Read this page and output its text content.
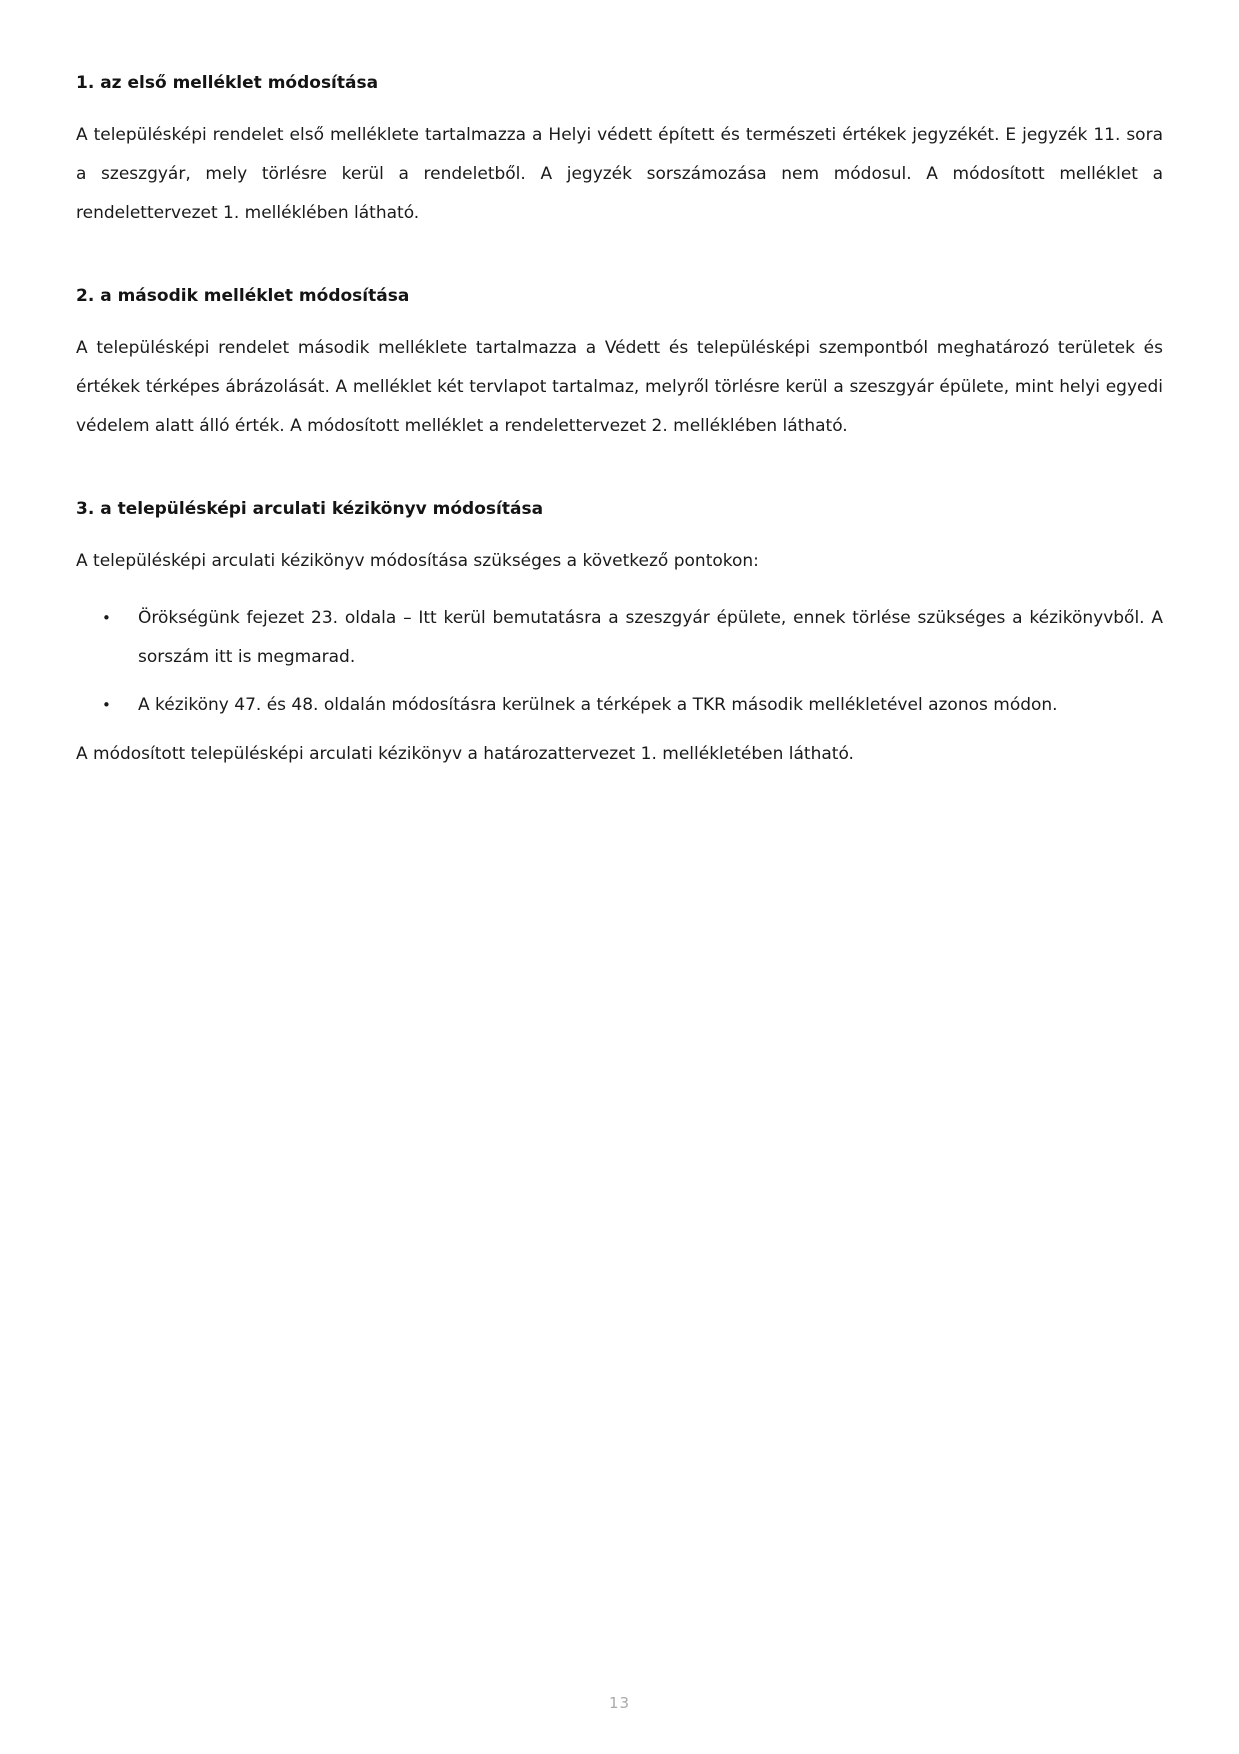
1. az első melléklet módosítása

A településképi rendelet első melléklete tartalmazza a Helyi védett épített és természeti értékek jegyzékét. E jegyzék 11. sora a szeszgyár, mely törlésre kerül a rendeletből. A jegyzék sorszámozása nem módosul. A módosított melléklet a rendelettervezet 1. melléklében látható.

2. a második melléklet módosítása

A településképi rendelet második melléklete tartalmazza a Védett és településképi szempontból meghatározó területek és értékek térképes ábrázolását. A melléklet két tervlapot tartalmaz, melyről törlésre kerül a szeszgyár épülete, mint helyi egyedi védelem alatt álló érték. A módosított melléklet a rendelettervezet 2. melléklében látható.

3. a településképi arculati kézikönyv módosítása

A településképi arculati kézikönyv módosítása szükséges a következő pontokon:

•	Örökségünk fejezet 23. oldala – Itt kerül bemutatásra a szeszgyár épülete, ennek törlése szükséges a kézikönyvből. A sorszám itt is megmarad.
•	A kéziköny 47. és 48. oldalán módosításra kerülnek a térképek a TKR második mellékletével azonos módon.

A módosított településképi arculati kézikönyv a határozattervezet 1. mellékletében látható.

13
